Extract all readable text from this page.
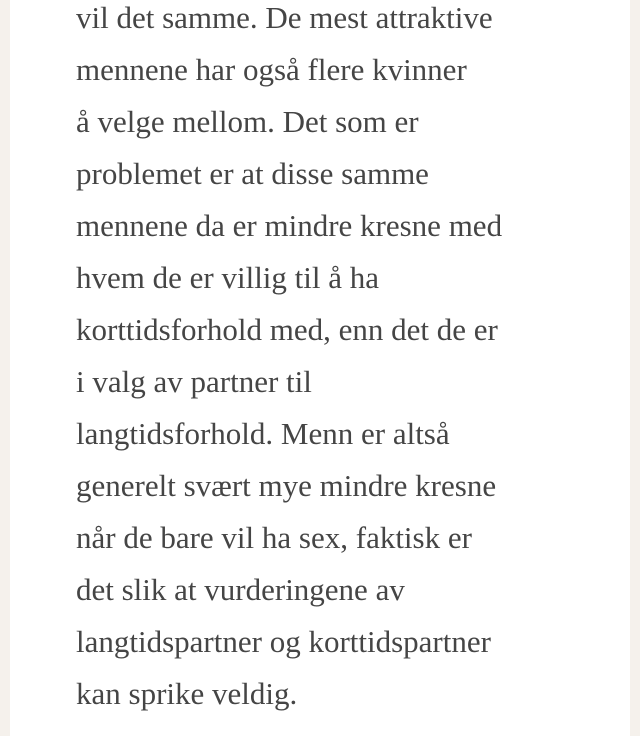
vil det samme. De mest attraktive
mennene har også flere kvinner
å velge mellom. Det som er
problemet er at disse samme
mennene da er mindre kresne med
hvem de er villig til å ha
korttidsforhold med, enn det de er
i valg av partner til
langtidsforhold. Menn er altså
generelt svært mye mindre kresne
når de bare vil ha sex, faktisk er
det slik at vurderingene av
langtidspartner og korttidspartner
kan sprike veldig.
